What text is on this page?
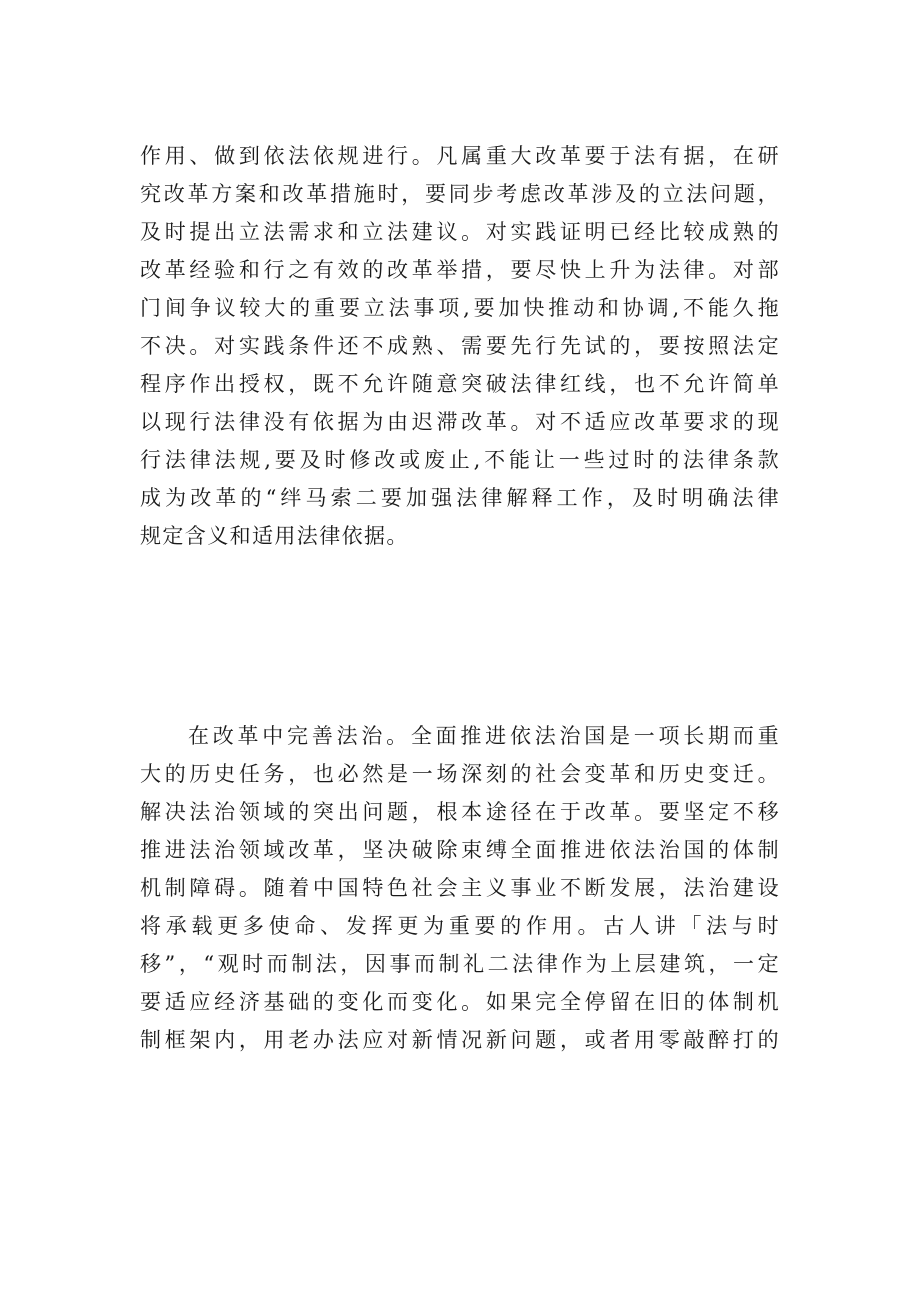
作用、做到依法依规进行。凡属重大改革要于法有据，在研
究改革方案和改革措施时，要同步考虑改革涉及的立法问题，
及时提出立法需求和立法建议。对实践证明已经比较成熟的
改革经验和行之有效的改革举措，要尽快上升为法律。对部
门间争议较大的重要立法事项,要加快推动和协调,不能久拖
不决。对实践条件还不成熟、需要先行先试的，要按照法定
程序作出授权，既不允许随意突破法律红线，也不允许简单
以现行法律没有依据为由迟滞改革。对不适应改革要求的现
行法律法规,要及时修改或废止,不能让一些过时的法律条款
成为改革的“绊马索二要加强法律解释工作，及时明确法律
规定含义和适用法律依据。
在改革中完善法治。全面推进依法治国是一项长期而重
大的历史任务，也必然是一场深刻的社会变革和历史变迁。
解决法治领域的突出问题，根本途径在于改革。要坚定不移
推进法治领域改革，坚决破除束缚全面推进依法治国的体制
机制障碍。随着中国特色社会主义事业不断发展，法治建设
将承载更多使命、发挥更为重要的作用。古人讲「法与时
移”，“观时而制法，因事而制礼二法律作为上层建筑，一定
要适应经济基础的变化而变化。如果完全停留在旧的体制机
制框架内，用老办法应对新情况新问题，或者用零敲醉打的
